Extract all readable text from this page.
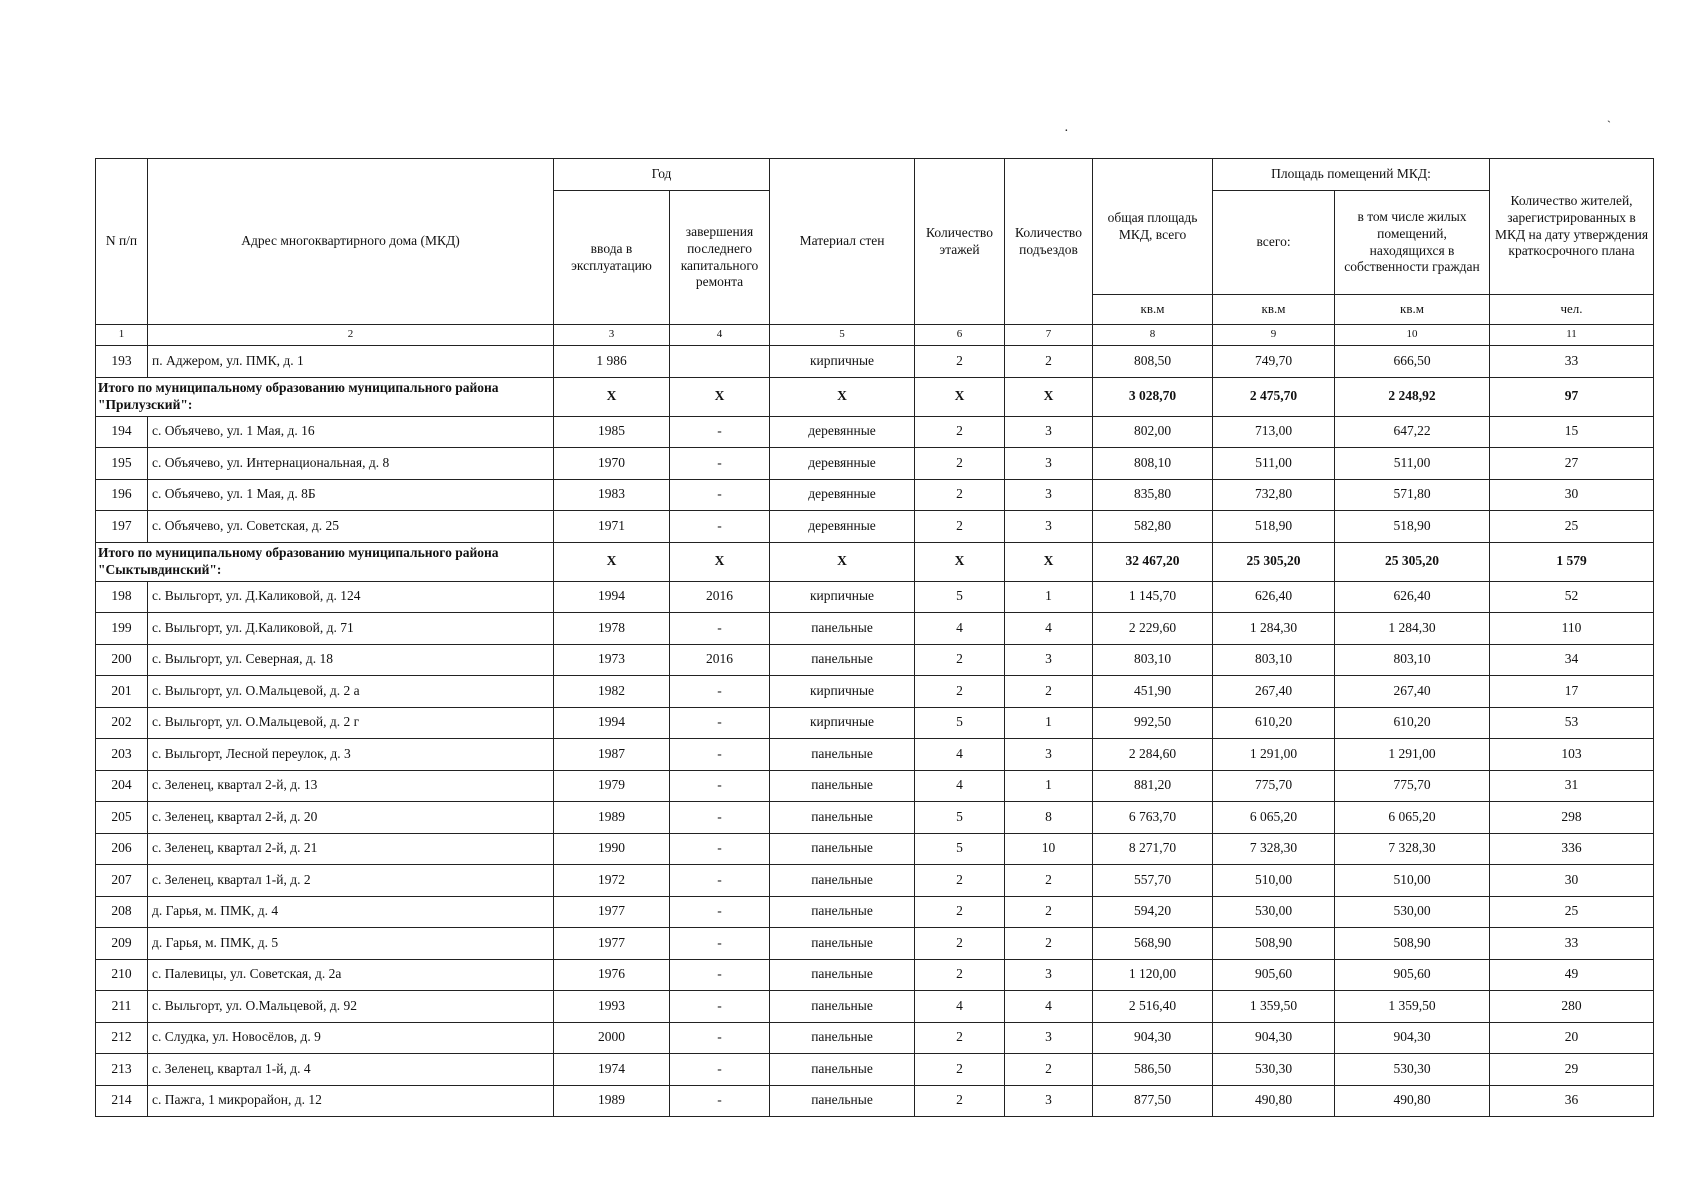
·	ˋ
N п/п	Адрес многоквартирного дома (МКД)	Год		Материал стен	Количество этажей	Количество подъездов	общая площадь МКД, всего	Площадь помещений МКД:		Количество жителей, зарегистрированных в МКД на дату утверждения краткосрочного плана
		ввода в эксплуатацию	завершения последнего капитального ремонта					всего:	в том числе жилых помещений, находящихся в собственности граждан	
							кв.м	кв.м	кв.м	чел.
1	2	3	4	5	6	7	8	9	10	11
193	п. Аджером, ул. ПМК, д. 1	1 986		кирпичные	2	2	808,50	749,70	666,50	33
Итого по муниципальному образованию муниципального района "Прилузский":		X	X	X	X	X	3 028,70	2 475,70	2 248,92	97
194	с. Объячево, ул. 1 Мая, д. 16	1985	-	деревянные	2	3	802,00	713,00	647,22	15
195	с. Объячево, ул. Интернациональная, д. 8	1970	-	деревянные	2	3	808,10	511,00	511,00	27
196	с. Объячево, ул. 1 Мая, д. 8Б	1983	-	деревянные	2	3	835,80	732,80	571,80	30
197	с. Объячево, ул. Советская, д. 25	1971	-	деревянные	2	3	582,80	518,90	518,90	25
Итого по муниципальному образованию муниципального района "Сыктывдинский":		X	X	X	X	X	32 467,20	25 305,20	25 305,20	1 579
198	с. Выльгорт, ул. Д.Каликовой, д. 124	1994	2016	кирпичные	5	1	1 145,70	626,40	626,40	52
199	с. Выльгорт, ул. Д.Каликовой, д. 71	1978	-	панельные	4	4	2 229,60	1 284,30	1 284,30	110
200	с. Выльгорт, ул. Северная, д. 18	1973	2016	панельные	2	3	803,10	803,10	803,10	34
201	с. Выльгорт, ул. О.Мальцевой, д. 2 а	1982	-	кирпичные	2	2	451,90	267,40	267,40	17
202	с. Выльгорт, ул. О.Мальцевой, д. 2 г	1994	-	кирпичные	5	1	992,50	610,20	610,20	53
203	с. Выльгорт, Лесной переулок, д. 3	1987	-	панельные	4	3	2 284,60	1 291,00	1 291,00	103
204	с. Зеленец, квартал 2-й, д. 13	1979	-	панельные	4	1	881,20	775,70	775,70	31
205	с. Зеленец, квартал 2-й, д. 20	1989	-	панельные	5	8	6 763,70	6 065,20	6 065,20	298
206	с. Зеленец, квартал 2-й, д. 21	1990	-	панельные	5	10	8 271,70	7 328,30	7 328,30	336
207	с. Зеленец, квартал 1-й, д. 2	1972	-	панельные	2	2	557,70	510,00	510,00	30
208	д. Гарья, м. ПМК, д. 4	1977	-	панельные	2	2	594,20	530,00	530,00	25
209	д. Гарья, м. ПМК, д. 5	1977	-	панельные	2	2	568,90	508,90	508,90	33
210	с. Палевицы, ул. Советская, д. 2а	1976	-	панельные	2	3	1 120,00	905,60	905,60	49
211	с. Выльгорт, ул. О.Мальцевой, д. 92	1993	-	панельные	4	4	2 516,40	1 359,50	1 359,50	280
212	с. Слудка, ул. Новосёлов, д. 9	2000	-	панельные	2	3	904,30	904,30	904,30	20
213	с. Зеленец, квартал 1-й, д. 4	1974	-	панельные	2	2	586,50	530,30	530,30	29
214	с. Пажга, 1 микрорайон, д. 12	1989	-	панельные	2	3	877,50	490,80	490,80	36
